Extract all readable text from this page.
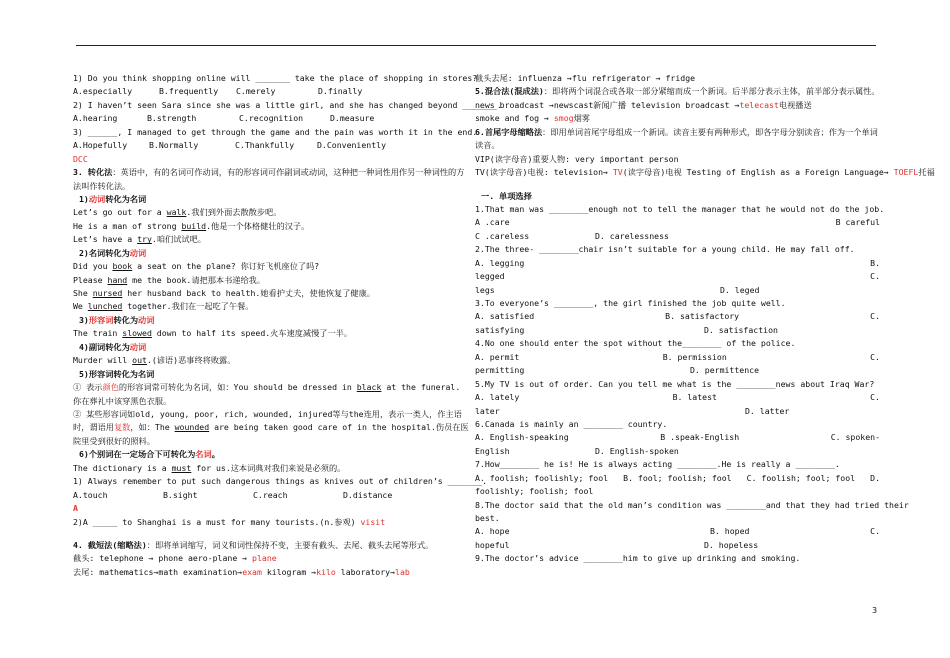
1) Do you think shopping online will _______ take the place of shopping in stores?
A.especially	B.frequently	C.merely	D.finally
2) I haven’t seen Sara since she was a little girl, and she has changed beyond _______.
A.hearing	B.strength	C.recognition	D.measure
3) ______, I managed to get through the game and the pain was worth it in the end.
A.Hopefully	B.Normally	C.Thankfully	D.Conveniently
DCC
3. 转化法：英语中，有的名词可作动词，有的形容词可作副词或动词，这种把一种词性用作另一种词性的方法叫作转化法。
1)动词转化为名词
Let’s go out for a walk.我们到外面去散散步吧。
He is a man of strong build.他是一个体格健壮的汉子。
Let’s have a try.咱们试试吧。
2)名词转化为动词
Did you book a seat on the plane? 你订好飞机座位了吗?
Please hand me the book.请把那本书递给我。
She nursed her husband back to health.她看护丈夫，使他恢复了健康。
We lunched together.我们在一起吃了午餐。
3)形容词转化为动词
The train slowed down to half its speed.火车速度减慢了一半。
4)副词转化为动词
Murder will out.(谚语)恶事终将败露。
5)形容词转化为名词
① 表示颜色的形容词常可转化为名词，如：You should be dressed in black at the funeral.
你在葬礼中该穿黑色衣服。
② 某些形容词如old, young, poor, rich, wounded, injured等与the连用，表示一类人，作主语时，谓语用复数，如：The wounded are being taken good care of in the hospital.伤员在医院里受到很好的照料。
6)个别词在一定场合下可转化为名词。
The dictionary is a must for us.这本词典对我们来说是必须的。
1) Always remember to put such dangerous things as knives out of children’s _______.
A.touch	B.sight	C.reach	D.distance
A
2)A _____ to Shanghai is a must for many tourists.(n.参观) visit
4. 截短法(缩略法)：即将单词缩写，词义和词性保持不变，主要有截头、去尾、截头去尾等形式。
截头: telephone → phone aero-plane → plane
去尾: mathematics→math examination→exam kilogram →kilo laboratory→lab
截头去尾: influenza →flu refrigerator → fridge
5.混合法(混成法)：即将两个词混合或各取一部分紧缩而成一个新词。后半部分表示主体，前半部分表示属性。
news broadcast →newscast新闻广播 television broadcast →telecast电视播送
smoke and fog → smog烟雾
6.首尾字母缩略法：即用单词首尾字母组成一个新词。读音主要有两种形式，即各字母分别读音；作为一个单词读音。
VIP(读字母音)重要人物: very important person
TV(读字母音)电视: television→ TV(读字母音)电视 Testing of English as a Foreign Language→ TOEFL托福
一. 单项选择
1.That man was ________enough not to tell the manager that he would not do the job.
A .care	B careful
C .careless	D. carelessness
2.The three- ________chair isn’t suitable for a young child. He may fall off.
A. legging	B.
legged	C.
legs	D. leged
3.To everyone’s ________, the girl finished the job quite well.
A. satisfied	B. satisfactory	C.
satisfying	D. satisfaction
4.No one should enter the spot without the________ of the police.
A. permit	B. permission	C.
permitting	D. permittence
5.My TV is out of order. Can you tell me what is the ________news about Iraq War?
A. lately	B. latest	C.
later	D. latter
6.Canada is mainly an ________ country.
A. English-speaking	B .speak-English	C. spoken-
English	D. English-spoken
7.How________ he is! He is always acting ________.He is really a ________.
A. foolish; foolishly; fool B. fool; foolish; fool C. foolish; fool; fool D.
foolishly; foolish; fool
8.The doctor said that the old man’s condition was ________and that they had tried their
best.
A. hope	B. hoped	C.
hopeful	D. hopeless
9.The doctor’s advice ________him to give up drinking and smoking.
3
